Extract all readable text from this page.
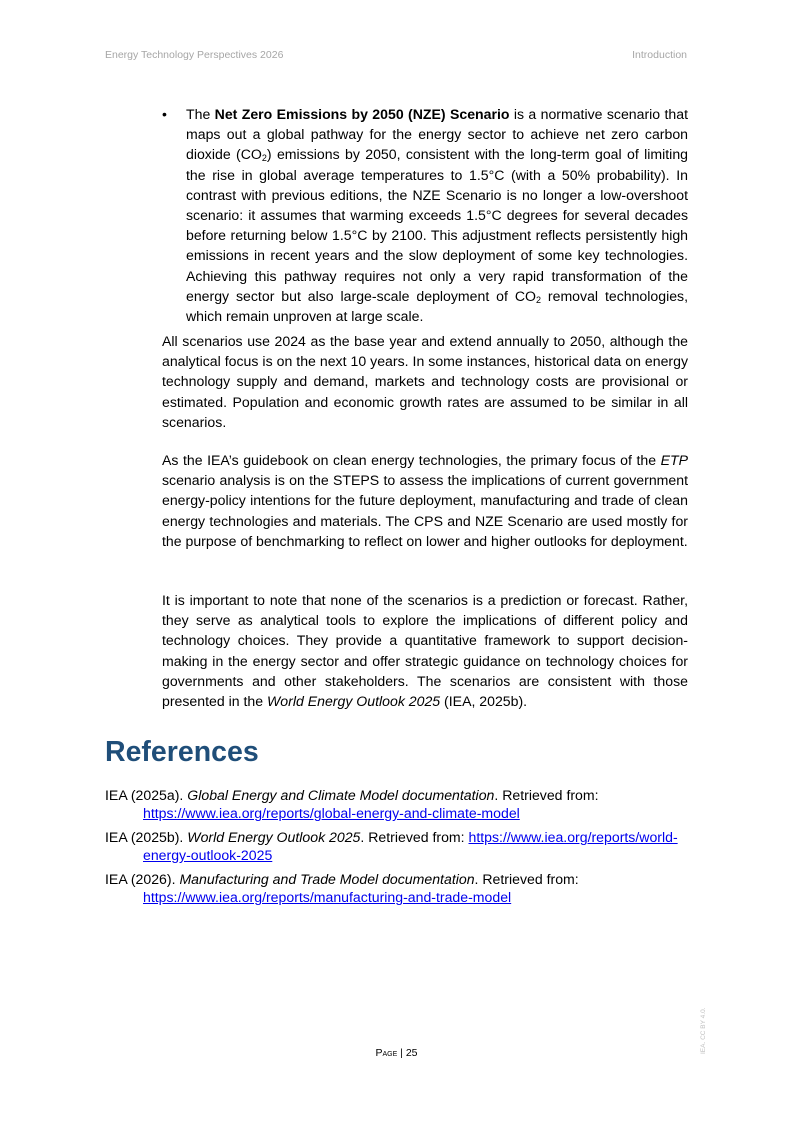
Energy Technology Perspectives 2026	Introduction
•	The Net Zero Emissions by 2050 (NZE) Scenario is a normative scenario that maps out a global pathway for the energy sector to achieve net zero carbon dioxide $(CO_2)$ emissions by 2050, consistent with the long-term goal of limiting the rise in global average temperatures to 1.5°C (with a 50% probability). In contrast with previous editions, the NZE Scenario is no longer a low-overshoot scenario: it assumes that warming exceeds 1.5°C degrees for several decades before returning below 1.5°C by 2100. This adjustment reflects persistently high emissions in recent years and the slow deployment of some key technologies. Achieving this pathway requires not only a very rapid transformation of the energy sector but also large-scale deployment of $CO_2$ removal technologies, which remain unproven at large scale.

All scenarios use 2024 as the base year and extend annually to 2050, although the analytical focus is on the next 10 years. In some instances, historical data on energy technology supply and demand, markets and technology costs are provisional or estimated. Population and economic growth rates are assumed to be similar in all scenarios.

As the IEA’s guidebook on clean energy technologies, the primary focus of the ETP scenario analysis is on the STEPS to assess the implications of current government energy-policy intentions for the future deployment, manufacturing and trade of clean energy technologies and materials. The CPS and NZE Scenario are used mostly for the purpose of benchmarking to reflect on lower and higher outlooks for deployment.

It is important to note that none of the scenarios is a prediction or forecast. Rather, they serve as analytical tools to explore the implications of different policy and technology choices. They provide a quantitative framework to support decision-making in the energy sector and offer strategic guidance on technology choices for governments and other stakeholders. The scenarios are consistent with those presented in the World Energy Outlook 2025 (IEA, 2025b).

References
IEA (2025a). Global Energy and Climate Model documentation. Retrieved from:
https://www.iea.org/reports/global-energy-and-climate-model
IEA (2025b). World Energy Outlook 2025. Retrieved from: https://www.iea.org/reports/world-energy-outlook-2025
IEA (2026). Manufacturing and Trade Model documentation. Retrieved from:
https://www.iea.org/reports/manufacturing-and-trade-model
Page | 25	IEA. CC BY 4.0.
